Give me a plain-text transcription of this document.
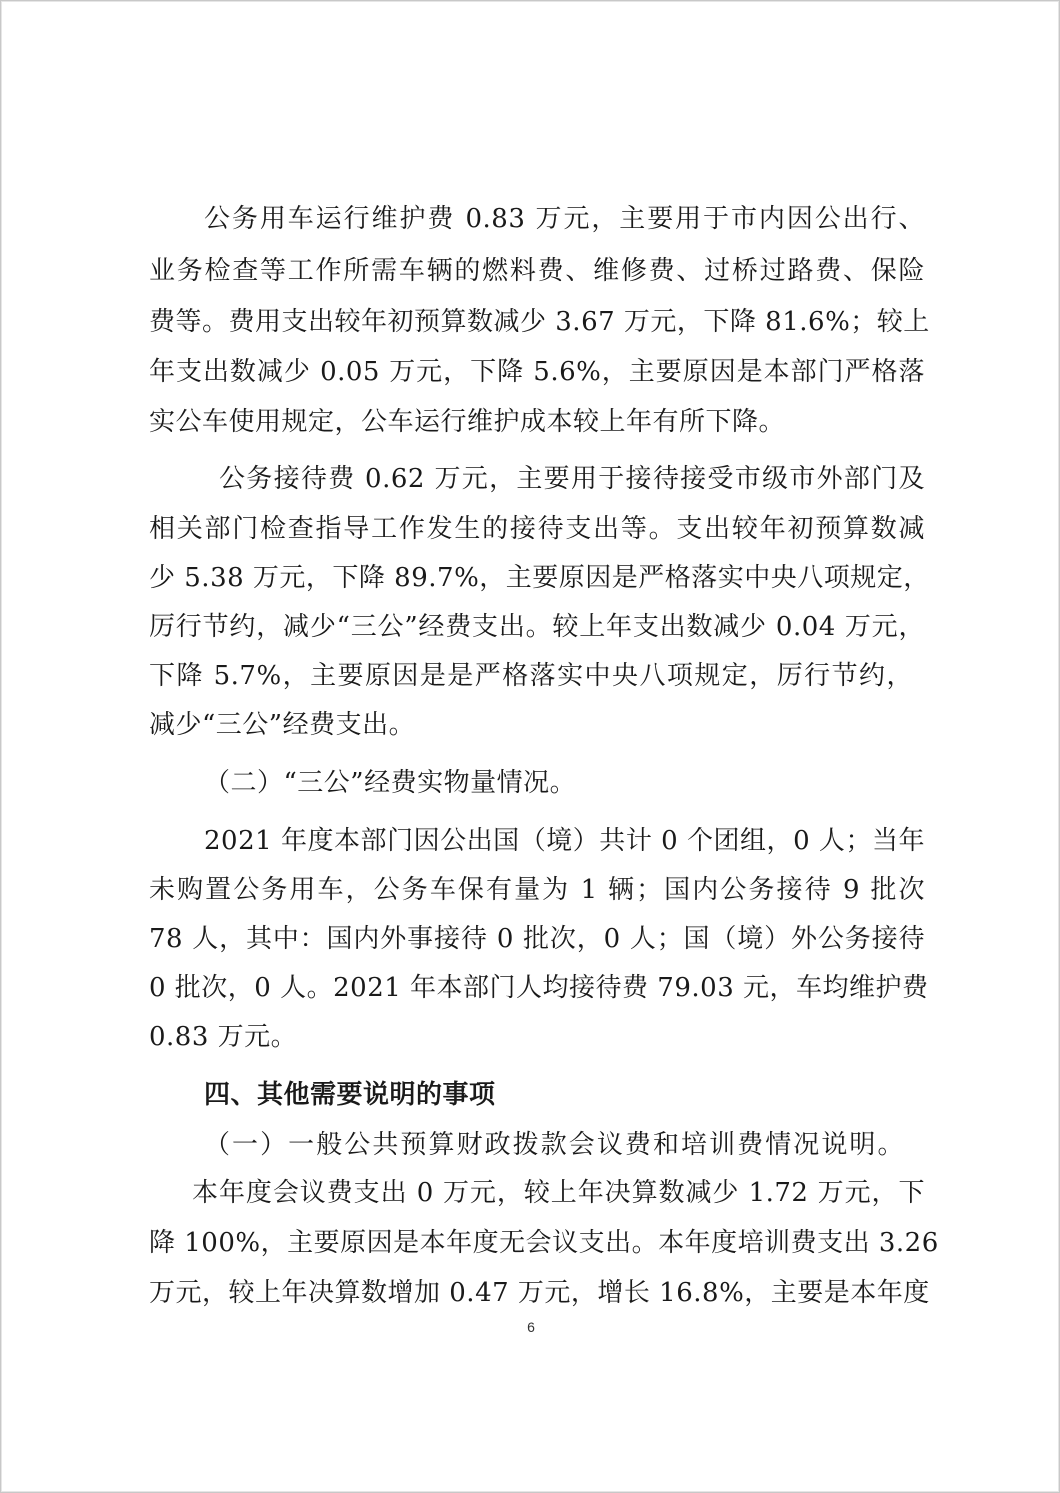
公务用车运行维护费 0.83 万元，主要用于市内因公出行、
业务检查等工作所需车辆的燃料费、维修费、过桥过路费、保险
费等。费用支出较年初预算数减少 3.67 万元，下降 81.6%；较上
年支出数减少 0.05 万元，下降 5.6%，主要原因是本部门严格落
实公车使用规定，公车运行维护成本较上年有所下降。
公务接待费 0.62 万元，主要用于接待接受市级市外部门及
相关部门检查指导工作发生的接待支出等。支出较年初预算数减
少 5.38 万元，下降 89.7%，主要原因是严格落实中央八项规定，
厉行节约，减少“三公”经费支出。较上年支出数减少 0.04 万元，
下降 5.7%，主要原因是是严格落实中央八项规定，厉行节约，
减少“三公”经费支出。
（二）“三公”经费实物量情况。
2021 年度本部门因公出国（境）共计 0 个团组，0 人；当年
未购置公务用车，公务车保有量为 1 辆；国内公务接待 9 批次
78 人，其中：国内外事接待 0 批次，0 人；国（境）外公务接待
0 批次，0 人。2021 年本部门人均接待费 79.03 元，车均维护费
0.83 万元。
四、其他需要说明的事项
（一）一般公共预算财政拨款会议费和培训费情况说明。
本年度会议费支出 0 万元，较上年决算数减少 1.72 万元，下
降 100%，主要原因是本年度无会议支出。本年度培训费支出 3.26
万元，较上年决算数增加 0.47 万元，增长 16.8%，主要是本年度
6
